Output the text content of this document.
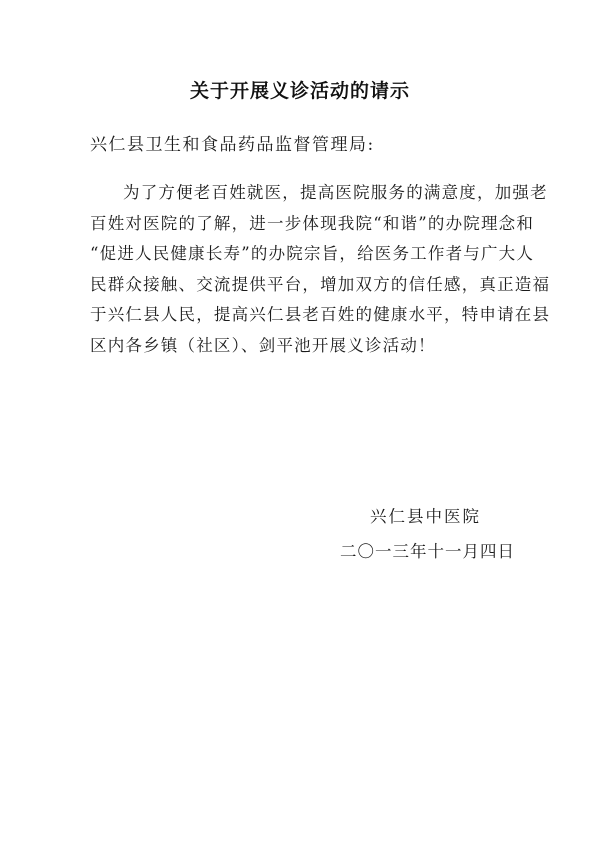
关于开展义诊活动的请示
兴仁县卫生和食品药品监督管理局:
为了方便老百姓就医，提高医院服务的满意度，加强老
百姓对医院的了解，进一步体现我院“和谐”的办院理念和
“促进人民健康长寿”的办院宗旨，给医务工作者与广大人
民群众接触、交流提供平台，增加双方的信任感，真正造福
于兴仁县人民，提高兴仁县老百姓的健康水平，特申请在县
区内各乡镇（社区）、剑平池开展义诊活动！
兴仁县中医院
二〇一三年十一月四日
